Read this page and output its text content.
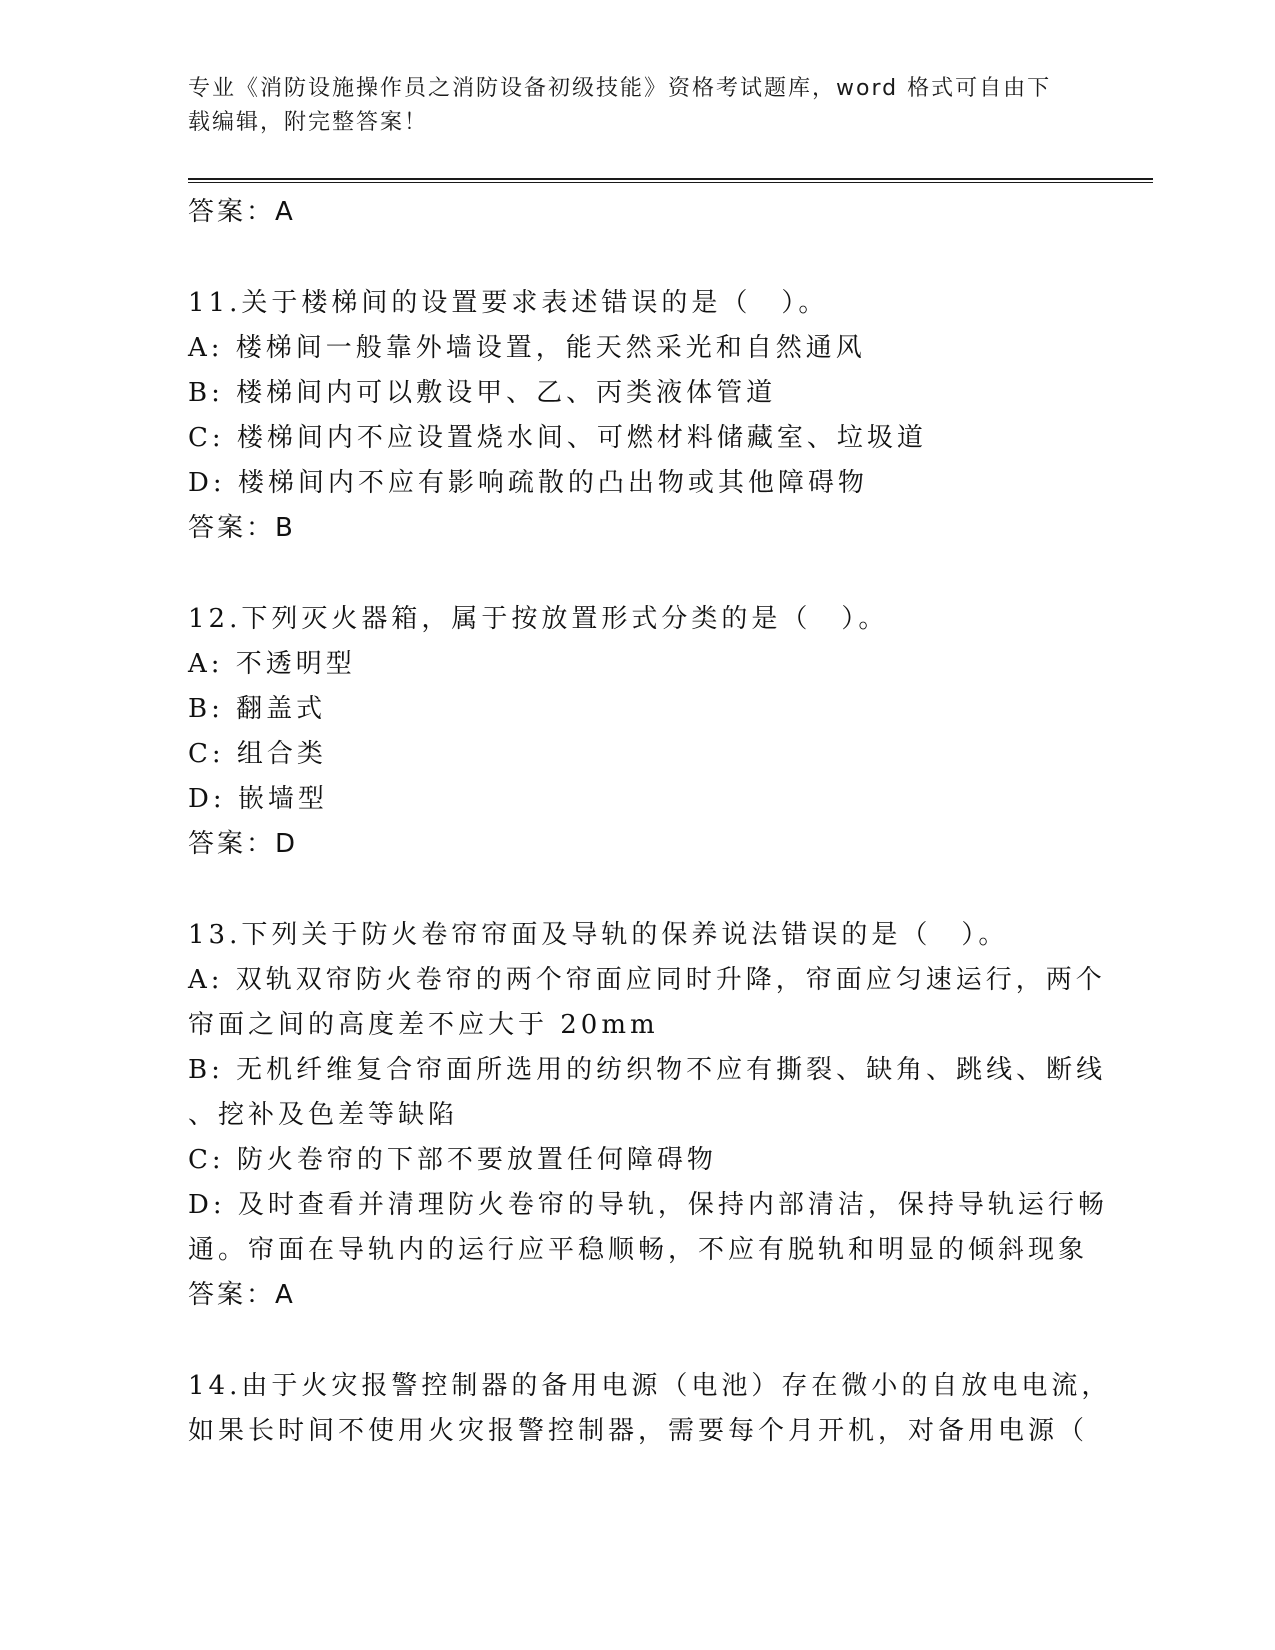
专业《消防设施操作员之消防设备初级技能》资格考试题库，word 格式可自由下
载编辑，附完整答案！
答案：A
11.关于楼梯间的设置要求表述错误的是（　）。
A: 楼梯间一般靠外墙设置，能天然采光和自然通风
B: 楼梯间内可以敷设甲、乙、丙类液体管道
C: 楼梯间内不应设置烧水间、可燃材料储藏室、垃圾道
D: 楼梯间内不应有影响疏散的凸出物或其他障碍物
答案：B
12.下列灭火器箱，属于按放置形式分类的是（　）。
A: 不透明型
B: 翻盖式
C: 组合类
D: 嵌墙型
答案：D
13.下列关于防火卷帘帘面及导轨的保养说法错误的是（　）。
A: 双轨双帘防火卷帘的两个帘面应同时升降，帘面应匀速运行，两个
帘面之间的高度差不应大于 20mm
B: 无机纤维复合帘面所选用的纺织物不应有撕裂、缺角、跳线、断线
、挖补及色差等缺陷
C: 防火卷帘的下部不要放置任何障碍物
D: 及时查看并清理防火卷帘的导轨，保持内部清洁，保持导轨运行畅
通。帘面在导轨内的运行应平稳顺畅，不应有脱轨和明显的倾斜现象
答案：A
14.由于火灾报警控制器的备用电源（电池）存在微小的自放电电流，
如果长时间不使用火灾报警控制器，需要每个月开机，对备用电源（
